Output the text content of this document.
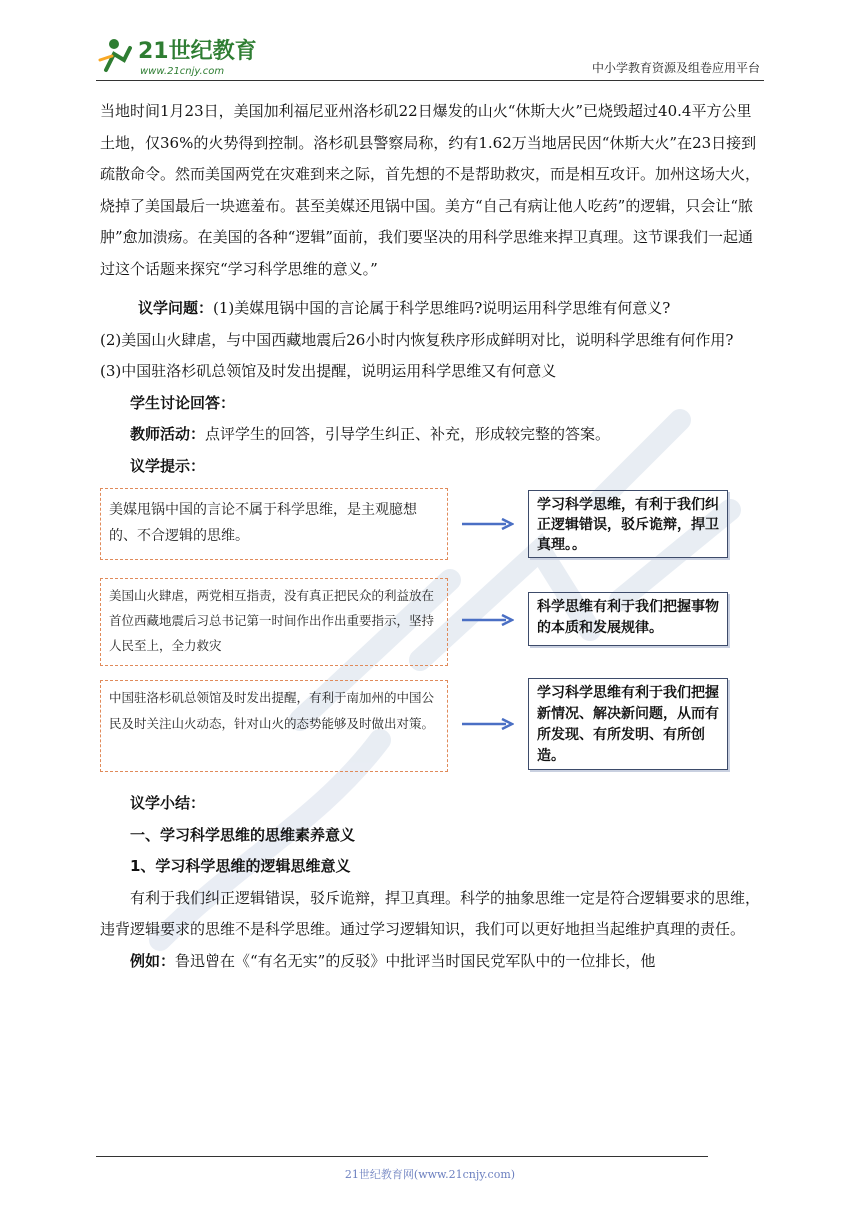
21世纪教育
www.21cnjy.com	中小学教育资源及组卷应用平台

当地时间1月23日，美国加利福尼亚州洛杉矶22日爆发的山火“休斯大火”已烧毁超过40.4平方公里土地，仅36%的火势得到控制。洛杉矶县警察局称，约有1.62万当地居民因“休斯大火”在23日接到疏散命令。然而美国两党在灾难到来之际，首先想的不是帮助救灾，而是相互攻讦。加州这场大火，烧掉了美国最后一块遮羞布。甚至美媒还甩锅中国。美方“自己有病让他人吃药”的逻辑，只会让“脓肿”愈加溃疡。在美国的各种“逻辑”面前，我们要坚决的用科学思维来捍卫真理。这节课我们一起通过这个话题来探究“学习科学思维的意义。”

议学问题：(1)美媒甩锅中国的言论属于科学思维吗?说明运用科学思维有何意义?

(2)美国山火肆虐，与中国西藏地震后26小时内恢复秩序形成鲜明对比，说明科学思维有何作用?

(3)中国驻洛杉矶总领馆及时发出提醒，说明运用科学思维又有何意义

学生讨论回答：

教师活动：点评学生的回答，引导学生纠正、补充，形成较完整的答案。

议学提示：

美媒甩锅中国的言论不属于科学思维，是主观臆想的、不合逻辑的思维。
学习科学思维，有利于我们纠正逻辑错误，驳斥诡辩，捍卫真理。。
美国山火肆虐，两党相互指责，没有真正把民众的利益放在首位西藏地震后习总书记第一时间作出作出重要指示，坚持人民至上，全力救灾
科学思维有利于我们把握事物的本质和发展规律。
中国驻洛杉矶总领馆及时发出提醒，有利于南加州的中国公民及时关注山火动态，针对山火的态势能够及时做出对策。
学习科学思维有利于我们把握新情况、解决新问题，从而有所发现、有所发明、有所创造。

议学小结：

一、学习科学思维的思维素养意义

1、学习科学思维的逻辑思维意义

有利于我们纠正逻辑错误，驳斥诡辩，捍卫真理。科学的抽象思维一定是符合逻辑要求的思维，违背逻辑要求的思维不是科学思维。通过学习逻辑知识，我们可以更好地担当起维护真理的责任。

例如：鲁迅曾在《“有名无实”的反驳》中批评当时国民党军队中的一位排长，他

21世纪教育网(www.21cnjy.com)
